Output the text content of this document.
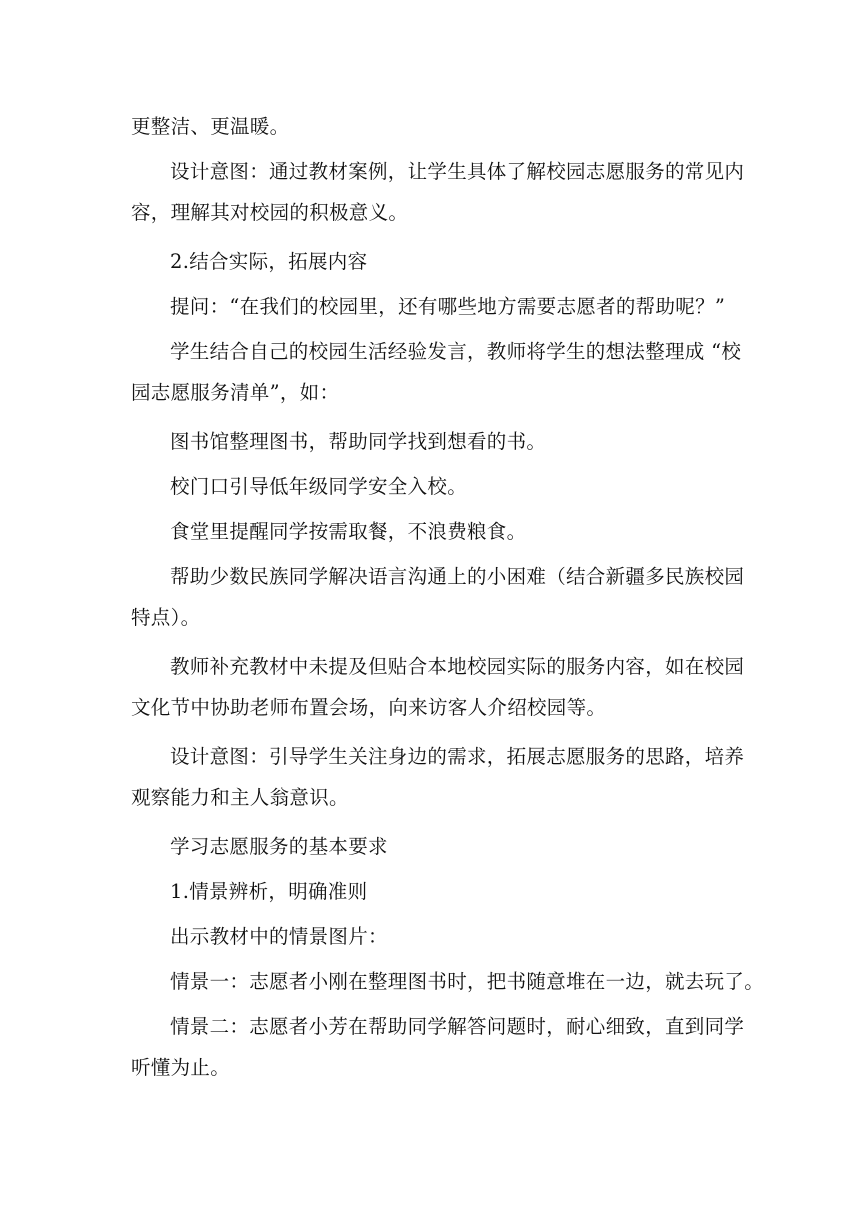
更整洁、更温暖。

设计意图：通过教材案例，让学生具体了解校园志愿服务的常见内
容，理解其对校园的积极意义。

2.结合实际，拓展内容

提问：“在我们的校园里，还有哪些地方需要志愿者的帮助呢？”

学生结合自己的校园生活经验发言，教师将学生的想法整理成 “校
园志愿服务清单”，如：

图书馆整理图书，帮助同学找到想看的书。

校门口引导低年级同学安全入校。

食堂里提醒同学按需取餐，不浪费粮食。

帮助少数民族同学解决语言沟通上的小困难（结合新疆多民族校园
特点）。

教师补充教材中未提及但贴合本地校园实际的服务内容，如在校园
文化节中协助老师布置会场，向来访客人介绍校园等。

设计意图：引导学生关注身边的需求，拓展志愿服务的思路，培养
观察能力和主人翁意识。

学习志愿服务的基本要求

1.情景辨析，明确准则

出示教材中的情景图片：

情景一：志愿者小刚在整理图书时，把书随意堆在一边，就去玩了。

情景二：志愿者小芳在帮助同学解答问题时，耐心细致，直到同学
听懂为止。
